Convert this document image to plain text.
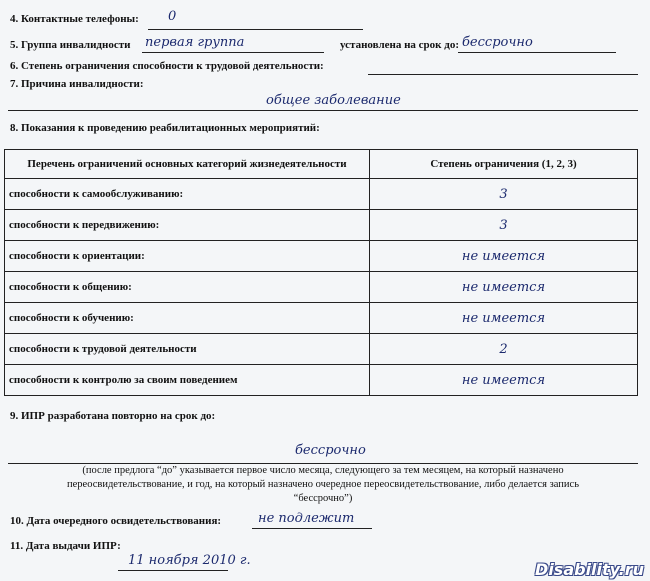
4. Контактные телефоны: 0
5. Группа инвалидности первая группа	установлена на срок до: бессрочно
6. Степень ограничения способности к трудовой деятельности:
7. Причина инвалидности:
общее заболевание
8. Показания к проведению реабилитационных мероприятий:
Перечень ограничений основных категорий жизнедеятельности	Степень ограничения (1, 2, 3)
способности к самообслуживанию:	3
способности к передвижению:	3
способности к ориентации:	не имеется
способности к общению:	не имеется
способности к обучению:	не имеется
способности к трудовой деятельности	2
способности к контролю за своим поведением	не имеется
9. ИПР разработана повторно на срок до:
бессрочно
(после предлога “до” указывается первое число месяца, следующего за тем месяцем, на который назначено
переосвидетельствование, и год, на который назначено очередное переосвидетельствование, либо делается запись
“бессрочно”)
10. Дата очередного освидетельствования:	не подлежит
11. Дата выдачи ИПР:
11 ноября 2010 г.	Disability.ru
